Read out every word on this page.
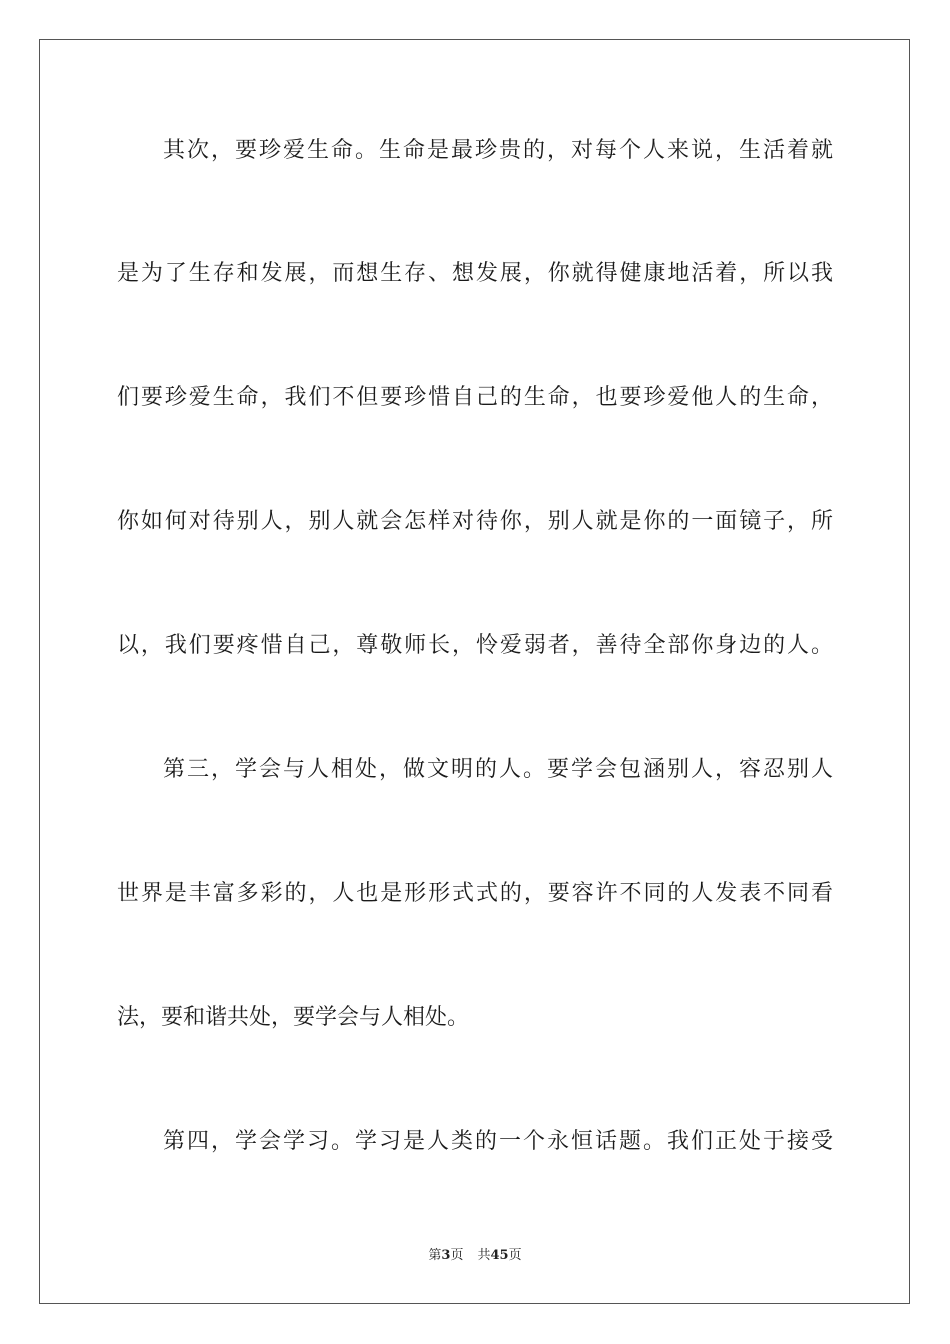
其次，要珍爱生命。生命是最珍贵的，对每个人来说，生活着就
是为了生存和发展，而想生存、想发展，你就得健康地活着，所以我
们要珍爱生命，我们不但要珍惜自己的生命，也要珍爱他人的生命，
你如何对待别人，别人就会怎样对待你，别人就是你的一面镜子，所
以，我们要疼惜自己，尊敬师长，怜爱弱者，善待全部你身边的人。
第三，学会与人相处，做文明的人。要学会包涵别人，容忍别人
世界是丰富多彩的，人也是形形式式的，要容许不同的人发表不同看
法，要和谐共处，要学会与人相处。
第四，学会学习。学习是人类的一个永恒话题。我们正处于接受
第3页 共45页
